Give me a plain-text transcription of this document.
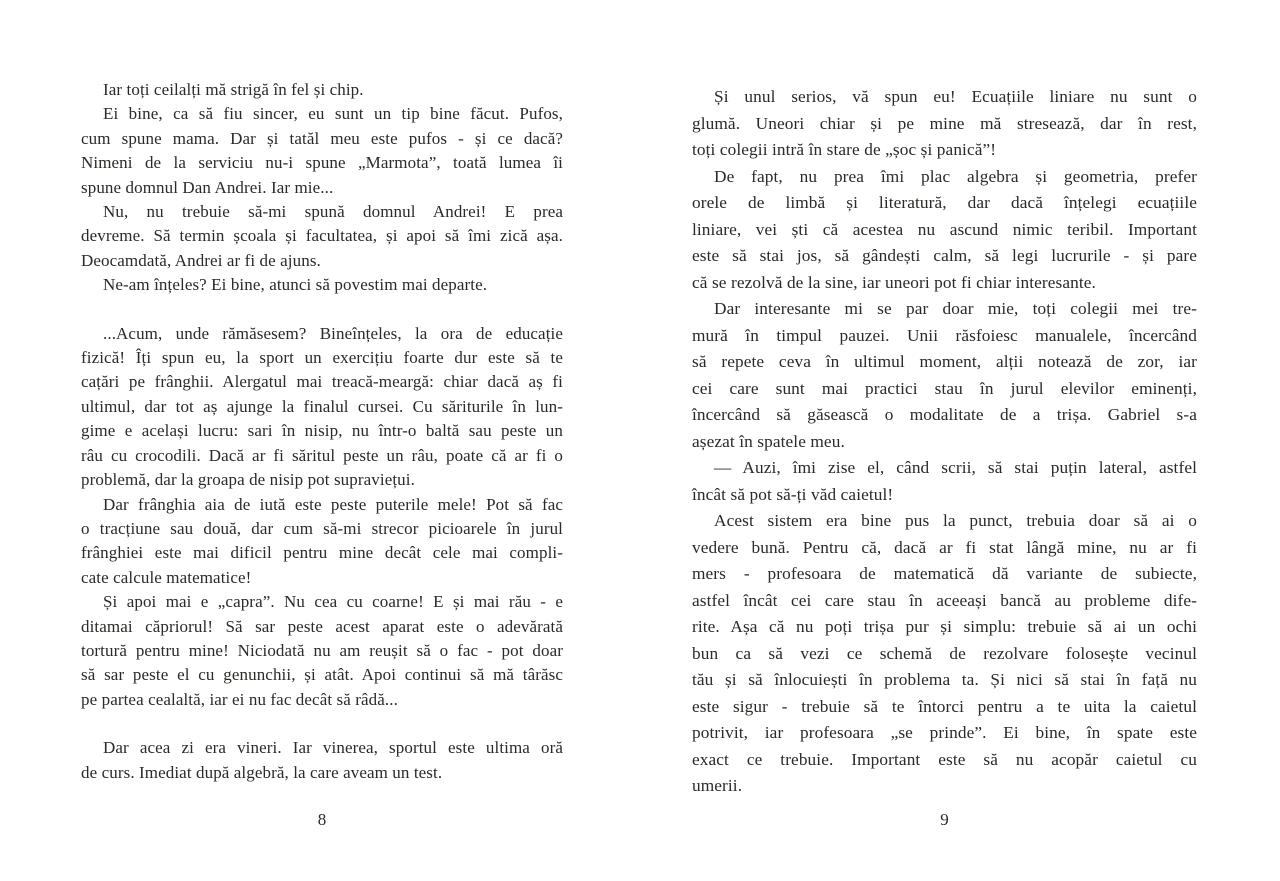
Iar toți ceilalți mă strigă în fel și chip.
Ei bine, ca să fiu sincer, eu sunt un tip bine făcut. Pufos,
cum spune mama. Dar și tatăl meu este pufos - și ce dacă?
Nimeni de la serviciu nu-i spune „Marmota”, toată lumea îi
spune domnul Dan Andrei. Iar mie...
Nu, nu trebuie să-mi spună domnul Andrei! E prea
devreme. Să termin școala și facultatea, și apoi să îmi zică așa.
Deocamdată, Andrei ar fi de ajuns.
Ne-am înțeles? Ei bine, atunci să povestim mai departe.
...Acum, unde rămăsesem? Bineînțeles, la ora de educație
fizică! Îți spun eu, la sport un exercițiu foarte dur este să te
cațări pe frânghii. Alergatul mai treacă-meargă: chiar dacă aș fi
ultimul, dar tot aș ajunge la finalul cursei. Cu săriturile în lun-
gime e același lucru: sari în nisip, nu într-o baltă sau peste un
râu cu crocodili. Dacă ar fi săritul peste un râu, poate că ar fi o
problemă, dar la groapa de nisip pot supraviețui.
Dar frânghia aia de iută este peste puterile mele! Pot să fac
o tracțiune sau două, dar cum să-mi strecor picioarele în jurul
frânghiei este mai dificil pentru mine decât cele mai compli-
cate calcule matematice!
Și apoi mai e „capra”. Nu cea cu coarne! E și mai rău - e
ditamai căpriorul! Să sar peste acest aparat este o adevărată
tortură pentru mine! Niciodată nu am reușit să o fac - pot doar
să sar peste el cu genunchii, și atât. Apoi continui să mă târăsc
pe partea cealaltă, iar ei nu fac decât să râdă...
Dar acea zi era vineri. Iar vinerea, sportul este ultima oră
de curs. Imediat după algebră, la care aveam un test.
8
Și unul serios, vă spun eu! Ecuațiile liniare nu sunt o
glumă. Uneori chiar și pe mine mă stresează, dar în rest,
toți colegii intră în stare de „șoc și panică”!
De fapt, nu prea îmi plac algebra și geometria, prefer
orele de limbă și literatură, dar dacă înțelegi ecuațiile
liniare, vei ști că acestea nu ascund nimic teribil. Important
este să stai jos, să gândești calm, să legi lucrurile - și pare
că se rezolvă de la sine, iar uneori pot fi chiar interesante.
Dar interesante mi se par doar mie, toți colegii mei tre-
mură în timpul pauzei. Unii răsfoiesc manualele, încercând
să repete ceva în ultimul moment, alții notează de zor, iar
cei care sunt mai practici stau în jurul elevilor eminenți,
încercând să găsească o modalitate de a trișa. Gabriel s-a
așezat în spatele meu.
— Auzi, îmi zise el, când scrii, să stai puțin lateral, astfel
încât să pot să-ți văd caietul!
Acest sistem era bine pus la punct, trebuia doar să ai o
vedere bună. Pentru că, dacă ar fi stat lângă mine, nu ar fi
mers - profesoara de matematică dă variante de subiecte,
astfel încât cei care stau în aceeași bancă au probleme dife-
rite. Așa că nu poți trișa pur și simplu: trebuie să ai un ochi
bun ca să vezi ce schemă de rezolvare folosește vecinul
tău și să înlocuiești în problema ta. Și nici să stai în față nu
este sigur - trebuie să te întorci pentru a te uita la caietul
potrivit, iar profesoara „se prinde”. Ei bine, în spate este
exact ce trebuie. Important este să nu acopăr caietul cu
umerii.
9
